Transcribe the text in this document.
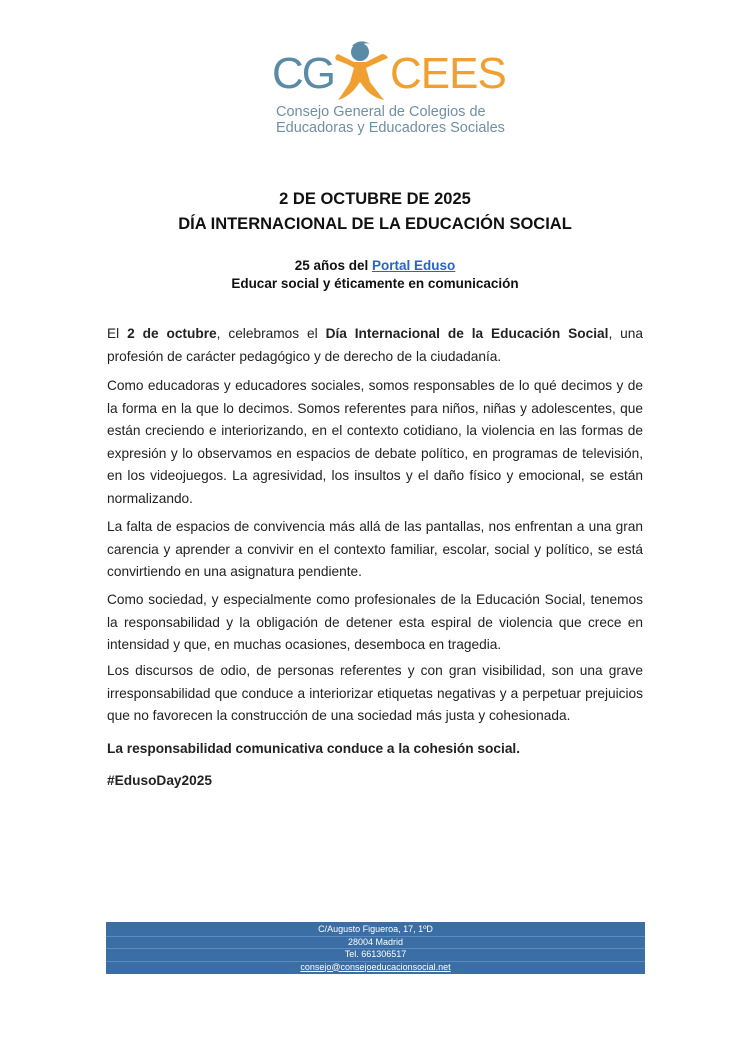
CG CEES
Consejo General de Colegios de
Educadoras y Educadores Sociales
2 DE OCTUBRE DE 2025
DÍA INTERNACIONAL DE LA EDUCACIÓN SOCIAL
25 años del Portal Eduso
Educar social y éticamente en comunicación
El 2 de octubre, celebramos el Día Internacional de la Educación Social, una profesión de carácter pedagógico y de derecho de la ciudadanía.
Como educadoras y educadores sociales, somos responsables de lo qué decimos y de la forma en la que lo decimos. Somos referentes para niños, niñas y adolescentes, que están creciendo e interiorizando, en el contexto cotidiano, la violencia en las formas de expresión y lo observamos en espacios de debate político, en programas de televisión, en los videojuegos. La agresividad, los insultos y el daño físico y emocional, se están normalizando.
La falta de espacios de convivencia más allá de las pantallas, nos enfrentan a una gran carencia y aprender a convivir en el contexto familiar, escolar, social y político, se está convirtiendo en una asignatura pendiente.
Como sociedad, y especialmente como profesionales de la Educación Social, tenemos la responsabilidad y la obligación de detener esta espiral de violencia que crece en intensidad y que, en muchas ocasiones, desemboca en tragedia.
Los discursos de odio, de personas referentes y con gran visibilidad, son una grave irresponsabilidad que conduce a interiorizar etiquetas negativas y a perpetuar prejuicios que no favorecen la construcción de una sociedad más justa y cohesionada.
La responsabilidad comunicativa conduce a la cohesión social.
#EdusoDay2025
C/Augusto Figueroa, 17, 1ºD
28004 Madrid
Tel. 661306517
consejo@consejoeducacionsocial.net
